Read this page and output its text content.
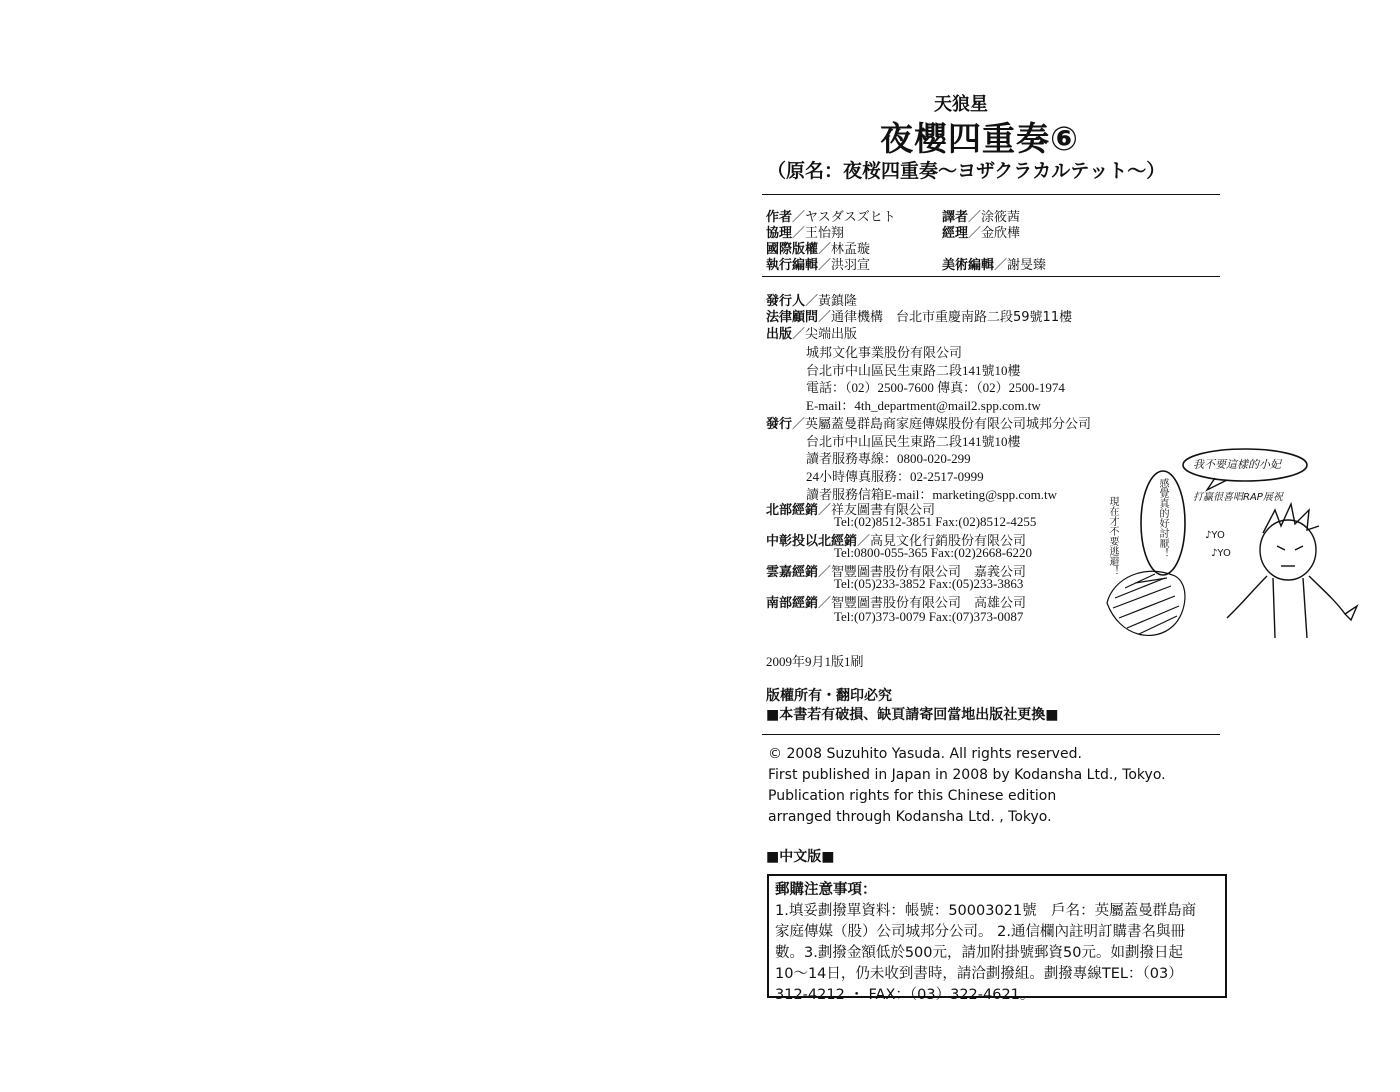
天狼星
夜櫻四重奏⑥
（原名：夜桜四重奏〜ヨザクラカルテット〜）
作者／ヤスダスズヒト	譯者／涂筱茜
協理／王怡翔	經理／金欣樺
國際版權／林孟璇
執行編輯／洪羽宣	美術編輯／謝旻臻
發行人／黃鎮隆
法律顧問／通律機構　台北市重慶南路二段59號11樓
出版／尖端出版
城邦文化事業股份有限公司
台北市中山區民生東路二段141號10樓
電話：（02）2500-7600 傳真：（02）2500-1974
E-mail：4th_department@mail2.spp.com.tw
發行／英屬蓋曼群島商家庭傳媒股份有限公司城邦分公司
台北市中山區民生東路二段141號10樓
讀者服務專線：0800-020-299
24小時傳真服務：02-2517-0999
讀者服務信箱E-mail：marketing@spp.com.tw
北部經銷／祥友圖書有限公司
Tel:(02)8512-3851 Fax:(02)8512-4255
中彰投以北經銷／高見文化行銷股份有限公司
Tel:0800-055-365 Fax:(02)2668-6220
雲嘉經銷／智豐圖書股份有限公司　嘉義公司
Tel:(05)233-3852 Fax:(05)233-3863
南部經銷／智豐圖書股份有限公司　高雄公司
Tel:(07)373-0079 Fax:(07)373-0087
2009年9月1版1刷
版權所有・翻印必究
■本書若有破損、缺頁請寄回當地出版社更換■
© 2008 Suzuhito Yasuda. All rights reserved.
First published in Japan in 2008 by Kodansha Ltd., Tokyo.
Publication rights for this Chinese edition
arranged through Kodansha Ltd. , Tokyo.
■中文版■
郵購注意事項：
1.填妥劃撥單資料：帳號：50003021號　戶名：英屬蓋曼群島商
家庭傳媒（股）公司城邦分公司。 2.通信欄內註明訂購書名與冊
數。3.劃撥金額低於500元，請加附掛號郵資50元。如劃撥日起
10〜14日，仍未收到書時，請洽劃撥組。劃撥專線TEL：（03）
312-4212 ・ FAX：（03）322-4621。
我不要這樣的小妃
打贏很喜唱RAP展祝
♪YO
♪YO
感覺真的好討厭！
現在才不要逃避！
